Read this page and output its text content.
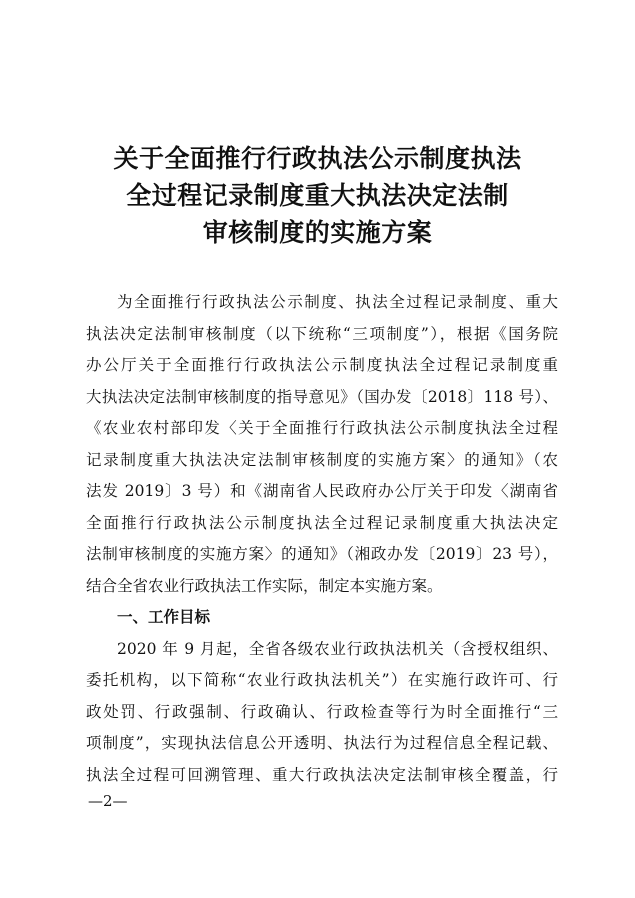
关于全面推行行政执法公示制度执法
全过程记录制度重大执法决定法制
审核制度的实施方案
为全面推行行政执法公示制度、执法全过程记录制度、重大
执法决定法制审核制度（以下统称“三项制度”），根据《国务院
办公厅关于全面推行行政执法公示制度执法全过程记录制度重
大执法决定法制审核制度的指导意见》（国办发〔2018〕118 号）、
《农业农村部印发〈关于全面推行行政执法公示制度执法全过程
记录制度重大执法决定法制审核制度的实施方案〉的通知》（农
法发 2019〕3 号）和《湖南省人民政府办公厅关于印发〈湖南省
全面推行行政执法公示制度执法全过程记录制度重大执法决定
法制审核制度的实施方案〉的通知》（湘政办发〔2019〕23 号），
结合全省农业行政执法工作实际，制定本实施方案。
一、工作目标
2020 年 9 月起，全省各级农业行政执法机关（含授权组织、
委托机构，以下简称“农业行政执法机关”）在实施行政许可、行
政处罚、行政强制、行政确认、行政检查等行为时全面推行“三
项制度”，实现执法信息公开透明、执法行为过程信息全程记载、
执法全过程可回溯管理、重大行政执法决定法制审核全覆盖，行
—2—
